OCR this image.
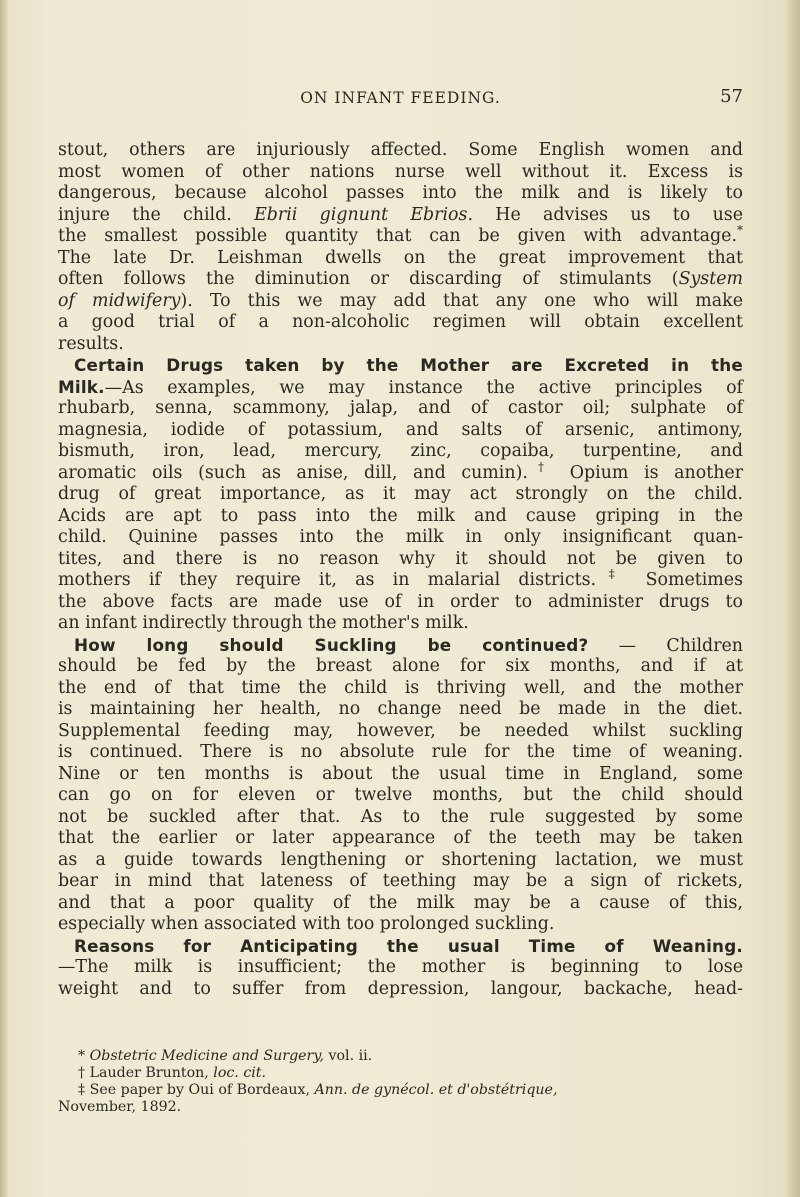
ON INFANT FEEDING.	57
stout, others are injuriously affected. Some English women and
most women of other nations nurse well without it. Excess is
dangerous, because alcohol passes into the milk and is likely to
injure the child. Ebrii gignunt Ebrios. He advises us to use
the smallest possible quantity that can be given with advantage.*
The late Dr. Leishman dwells on the great improvement that
often follows the diminution or discarding of stimulants (System
of midwifery). To this we may add that any one who will make
a good trial of a non-alcoholic regimen will obtain excellent
results.
Certain Drugs taken by the Mother are Excreted in the
Milk.—As examples, we may instance the active principles of
rhubarb, senna, scammony, jalap, and of castor oil; sulphate of
magnesia, iodide of potassium, and salts of arsenic, antimony,
bismuth, iron, lead, mercury, zinc, copaiba, turpentine, and
aromatic oils (such as anise, dill, and cumin).† Opium is another
drug of great importance, as it may act strongly on the child.
Acids are apt to pass into the milk and cause griping in the
child. Quinine passes into the milk in only insignificant quan-
tites, and there is no reason why it should not be given to
mothers if they require it, as in malarial districts.‡ Sometimes
the above facts are made use of in order to administer drugs to
an infant indirectly through the mother's milk.
How long should Suckling be continued? — Children
should be fed by the breast alone for six months, and if at
the end of that time the child is thriving well, and the mother
is maintaining her health, no change need be made in the diet.
Supplemental feeding may, however, be needed whilst suckling
is continued. There is no absolute rule for the time of weaning.
Nine or ten months is about the usual time in England, some
can go on for eleven or twelve months, but the child should
not be suckled after that. As to the rule suggested by some
that the earlier or later appearance of the teeth may be taken
as a guide towards lengthening or shortening lactation, we must
bear in mind that lateness of teething may be a sign of rickets,
and that a poor quality of the milk may be a cause of this,
especially when associated with too prolonged suckling.
Reasons for Anticipating the usual Time of Weaning.
—The milk is insufficient; the mother is beginning to lose
weight and to suffer from depression, langour, backache, head-
* Obstetric Medicine and Surgery, vol. ii.
† Lauder Brunton, loc. cit.
‡ See paper by Oui of Bordeaux, Ann. de gynécol. et d'obstétrique,
November, 1892.
